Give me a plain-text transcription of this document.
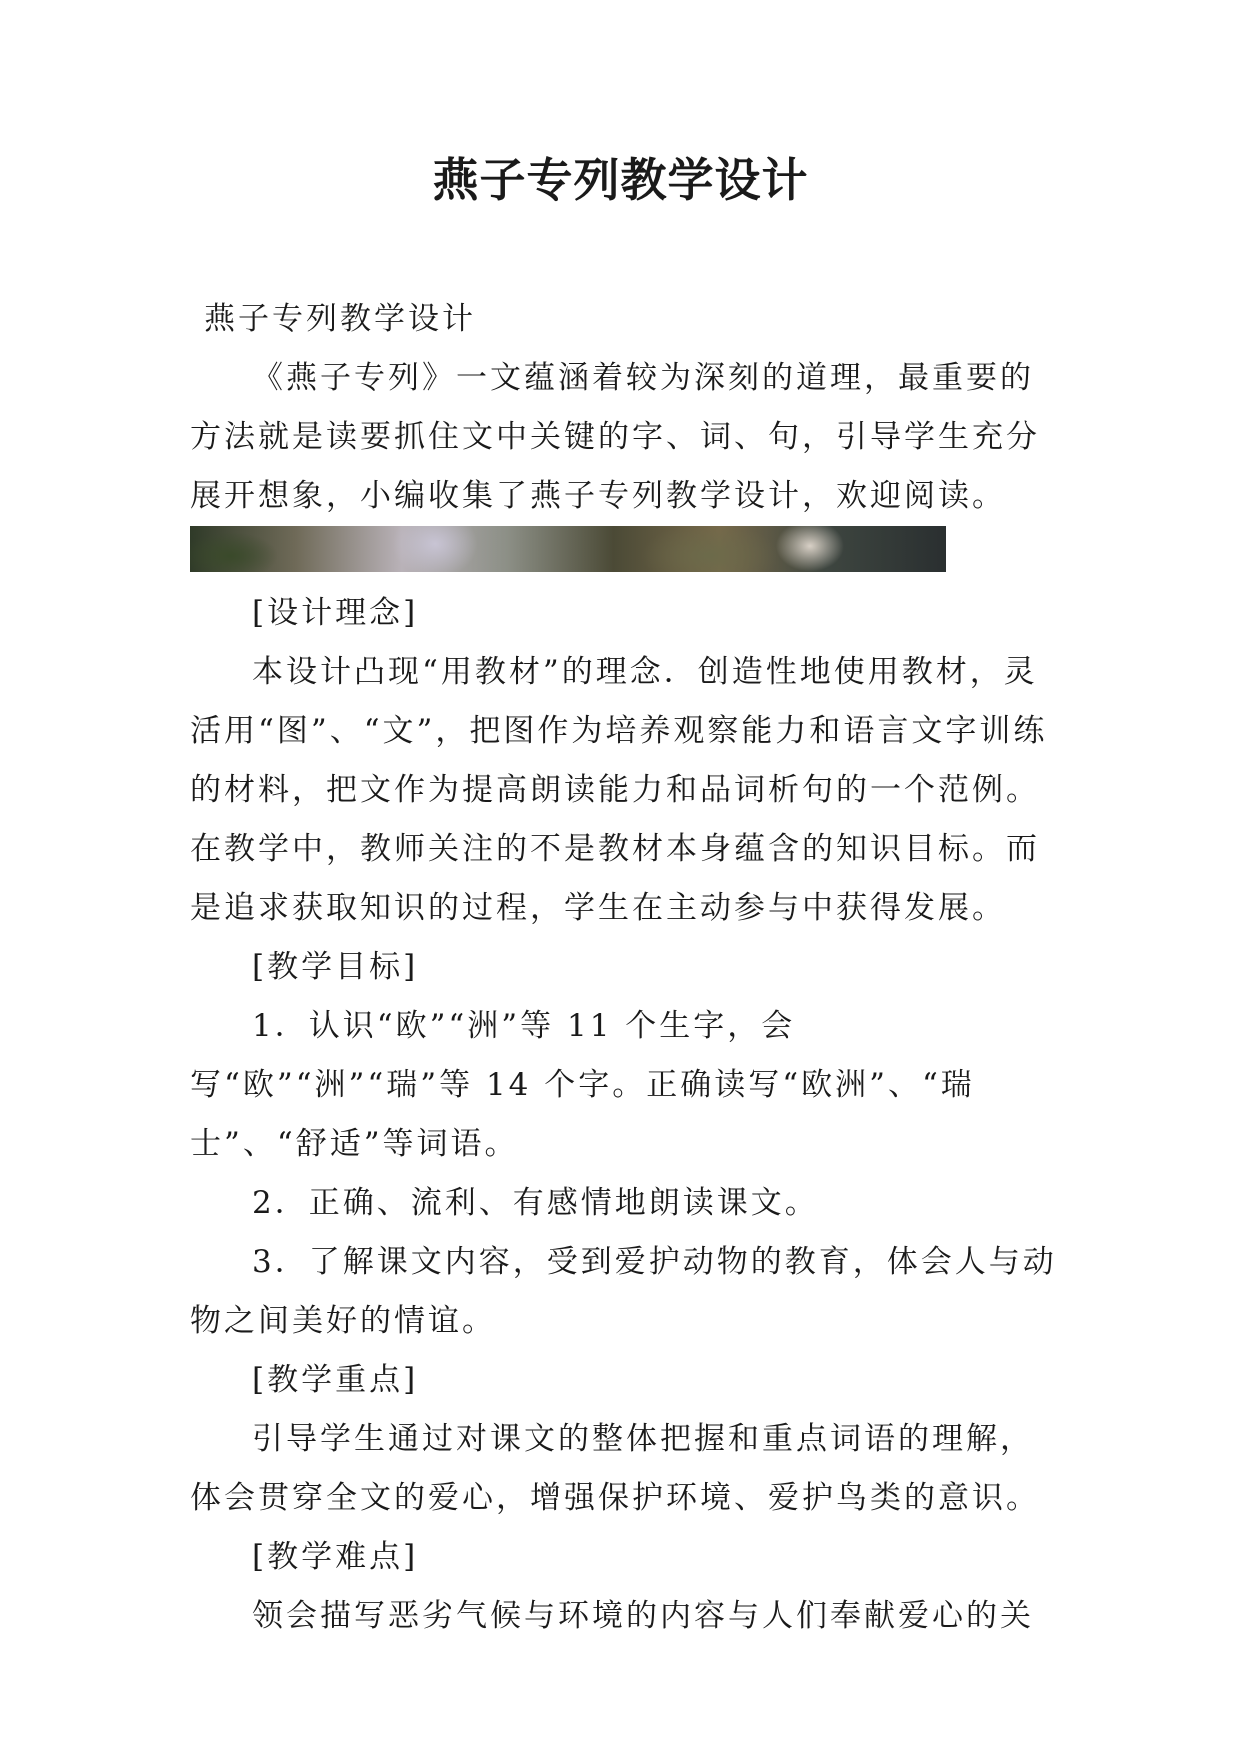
燕子专列教学设计

燕子专列教学设计

《燕子专列》一文蕴涵着较为深刻的道理，最重要的方法就是读要抓住文中关键的字、词、句，引导学生充分展开想象，小编收集了燕子专列教学设计，欢迎阅读。

[设计理念]

本设计凸现“用教材”的理念．创造性地使用教材，灵活用“图”、“文”，把图作为培养观察能力和语言文字训练的材料，把文作为提高朗读能力和品词析句的一个范例。在教学中，教师关注的不是教材本身蕴含的知识目标。而是追求获取知识的过程，学生在主动参与中获得发展。

[教学目标]

1．认识“欧”“洲”等 11 个生字，会写“欧”“洲”“瑞”等 14 个字。正确读写“欧洲”、“瑞士”、“舒适”等词语。

2．正确、流利、有感情地朗读课文。

3．了解课文内容，受到爱护动物的教育，体会人与动物之间美好的情谊。

[教学重点]

引导学生通过对课文的整体把握和重点词语的理解，体会贯穿全文的爱心，增强保护环境、爱护鸟类的意识。

[教学难点]

领会描写恶劣气候与环境的内容与人们奉献爱心的关
